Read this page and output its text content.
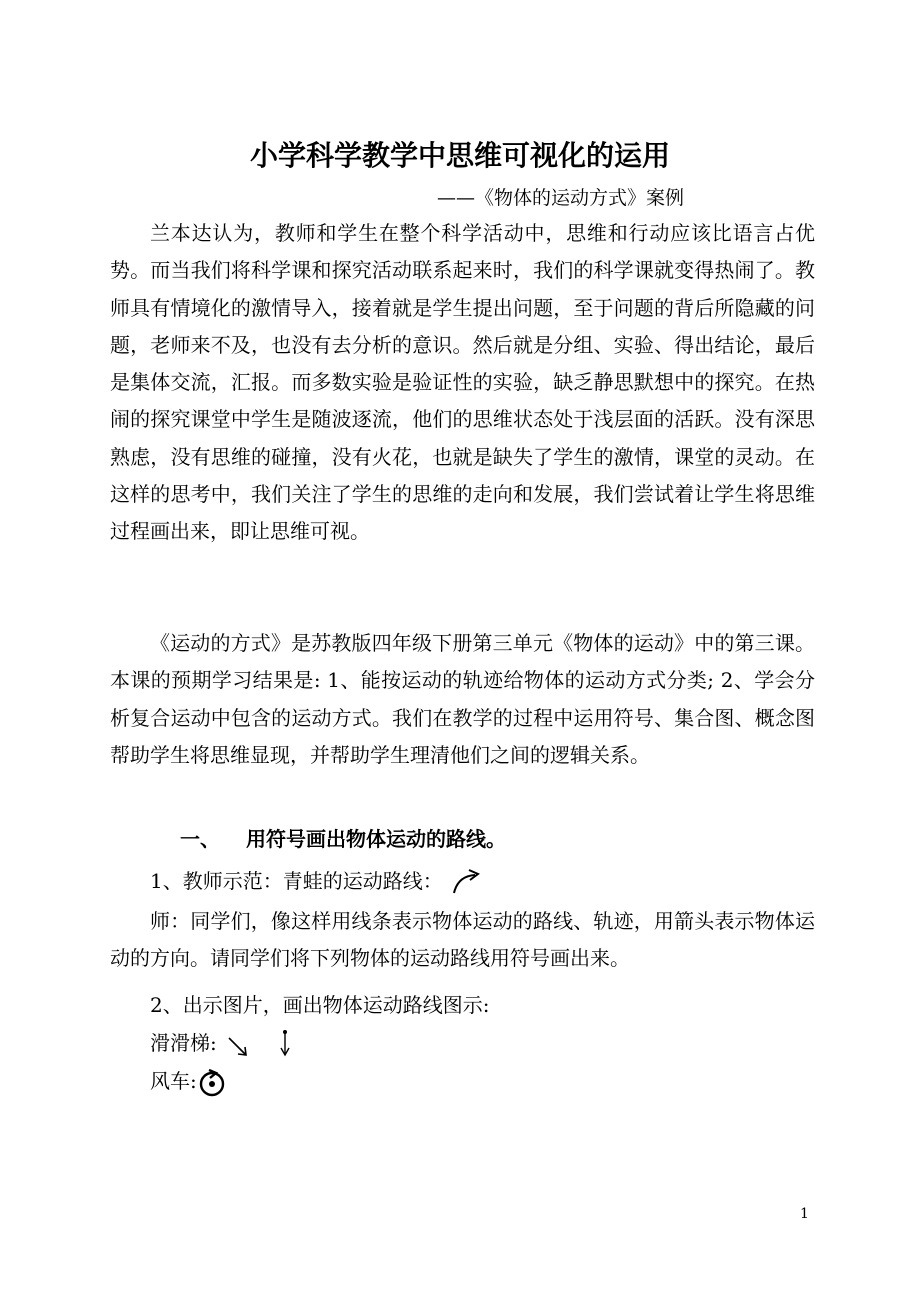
小学科学教学中思维可视化的运用
——《物体的运动方式》案例

兰本达认为，教师和学生在整个科学活动中，思维和行动应该比语言占优势。而当我们将科学课和探究活动联系起来时，我们的科学课就变得热闹了。教师具有情境化的激情导入，接着就是学生提出问题，至于问题的背后所隐藏的问题，老师来不及，也没有去分析的意识。然后就是分组、实验、得出结论，最后是集体交流，汇报。而多数实验是验证性的实验，缺乏静思默想中的探究。在热闹的探究课堂中学生是随波逐流，他们的思维状态处于浅层面的活跃。没有深思熟虑，没有思维的碰撞，没有火花，也就是缺失了学生的激情，课堂的灵动。在这样的思考中，我们关注了学生的思维的走向和发展，我们尝试着让学生将思维过程画出来，即让思维可视。

《运动的方式》是苏教版四年级下册第三单元《物体的运动》中的第三课。本课的预期学习结果是: 1、能按运动的轨迹给物体的运动方式分类; 2、学会分析复合运动中包含的运动方式。我们在教学的过程中运用符号、集合图、概念图帮助学生将思维显现，并帮助学生理清他们之间的逻辑关系。

一、 用符号画出物体运动的路线。
1、教师示范：青蛙的运动路线：

师：同学们，像这样用线条表示物体运动的路线、轨迹，用箭头表示物体运动的方向。请同学们将下列物体的运动路线用符号画出来。

2、出示图片，画出物体运动路线图示:
滑滑梯:
风车:
1
